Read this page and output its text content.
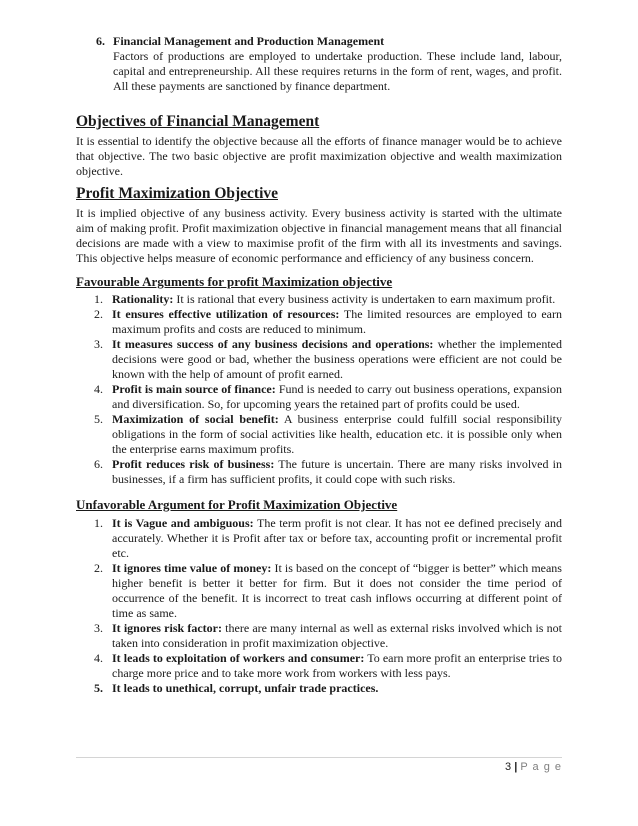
6. Financial Management and Production Management

Factors of productions are employed to undertake production. These include land, labour, capital and entrepreneurship. All these requires returns in the form of rent, wages, and profit. All these payments are sanctioned by finance department.

Objectives of Financial Management

It is essential to identify the objective because all the efforts of finance manager would be to achieve that objective. The two basic objective are profit maximization objective and wealth maximization objective.

Profit Maximization Objective

It is implied objective of any business activity. Every business activity is started with the ultimate aim of making profit. Profit maximization objective in financial management means that all financial decisions are made with a view to maximise profit of the firm with all its investments and savings. This objective helps measure of economic performance and efficiency of any business concern.

Favourable Arguments for profit Maximization objective
1. Rationality: It is rational that every business activity is undertaken to earn maximum profit.
2. It ensures effective utilization of resources: The limited resources are employed to earn maximum profits and costs are reduced to minimum.
3. It measures success of any business decisions and operations: whether the implemented decisions were good or bad, whether the business operations were efficient are not could be known with the help of amount of profit earned.
4. Profit is main source of finance: Fund is needed to carry out business operations, expansion and diversification. So, for upcoming years the retained part of profits could be used.
5. Maximization of social benefit: A business enterprise could fulfill social responsibility obligations in the form of social activities like health, education etc. it is possible only when the enterprise earns maximum profits.
6. Profit reduces risk of business: The future is uncertain. There are many risks involved in businesses, if a firm has sufficient profits, it could cope with such risks.
Unfavorable Argument for Profit Maximization Objective
1. It is Vague and ambiguous: The term profit is not clear. It has not ee defined precisely and accurately. Whether it is Profit after tax or before tax, accounting profit or incremental profit etc.
2. It ignores time value of money: It is based on the concept of “bigger is better” which means higher benefit is better it better for firm. But it does not consider the time period of occurrence of the benefit. It is incorrect to treat cash inflows occurring at different point of time as same.
3. It ignores risk factor: there are many internal as well as external risks involved which is not taken into consideration in profit maximization objective.
4. It leads to exploitation of workers and consumer: To earn more profit an enterprise tries to charge more price and to take more work from workers with less pays.
5. It leads to unethical, corrupt, unfair trade practices.
3 | P a g e
